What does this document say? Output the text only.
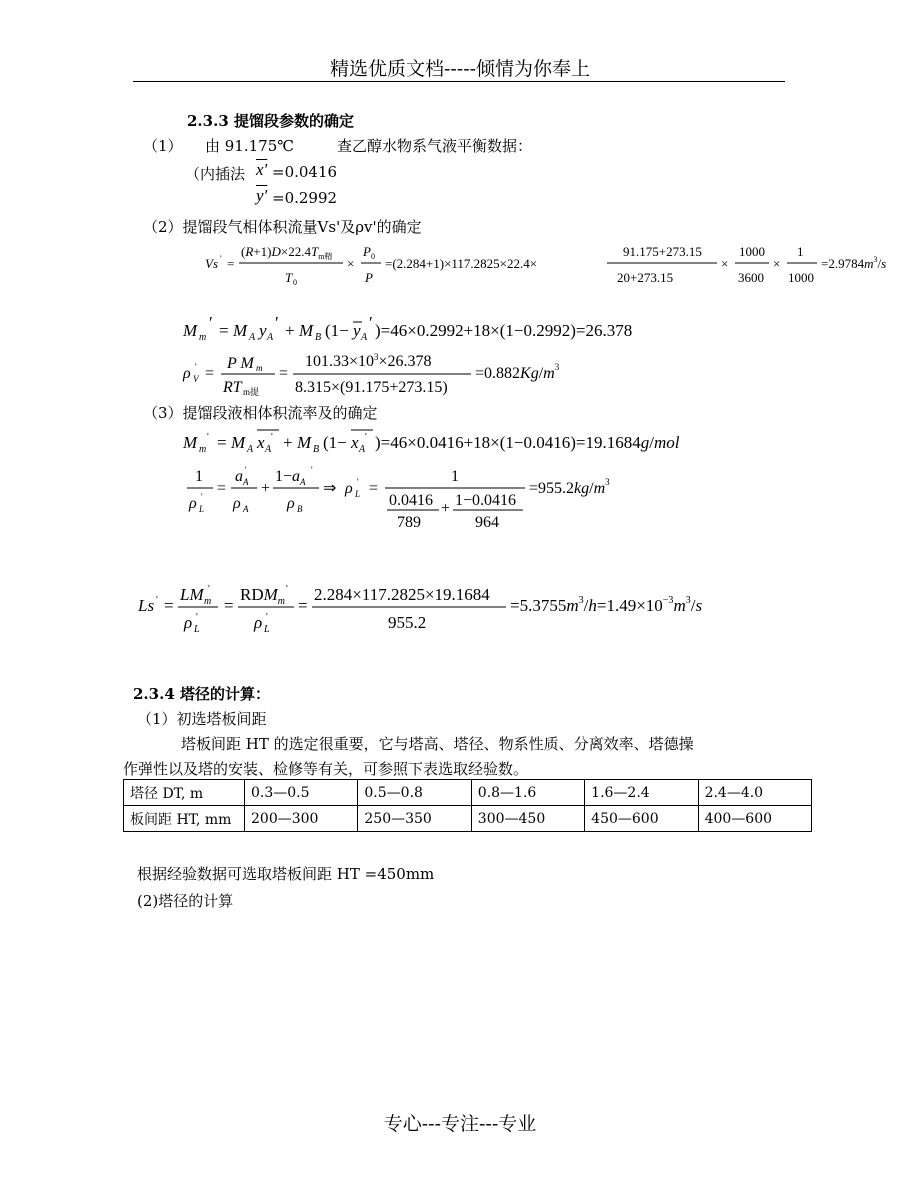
精选优质文档-----倾情为你奉上
2.3.3 提馏段参数的确定
（1） 由 91.175℃	查乙醇水物系气液平衡数据：
（内插法 x' =0.0416
y' =0.2992
（2）提馏段气相体积流量Vs'及ρv'的确定
Vs ' =
$(R+1)D\times 22.4T_{m精}$
T 0
×
P 0
P
=(2.284+1)×117.2825×22.4×
91.175+273.15
20+273.15
×
1000
3600
×
1
1000
$=2.9784m^3/s$
M m
′ = M A y A
′ + M B (1− y A
′ )=46×0.2992+18×(1−0.2992)=26.378
ρ V
' =
P M m
RT m提
=
$101.33\times 10^3\times 26.378$
8.315×(91.175+273.15)
$=0.882Kg/m^3$
（3）提馏段液相体积流率及的确定
M m
' = M A x A
' + M B (1− x A
' )=46×0.0416+18×(1−0.0416)=19.1684g/mol
1
ρ L
' =
a A
'
ρ A
+
$1-a_A$
'
ρ B
⇒ ρ L
' =
1
0.0416
789
+ 1−0.0416
964
$=955.2kg/m^3$
Ls ' =
LM m
'
ρ L
'
=
$RDM_m$
'
ρ L
'
=
2.284×117.2825×19.1684
955.2
$=5.3755m^3/h=1.49\times 10^{-3}m^3/s$
2.3.4 塔径的计算：
（1）初选塔板间距
塔板间距 HT 的选定很重要，它与塔高、塔径、物系性质、分离效率、塔德操
作弹性以及塔的安装、检修等有关，可参照下表选取经验数。
塔径 DT, m	0.3—0.5	0.5—0.8	0.8—1.6	1.6—2.4	2.4—4.0
板间距 HT, mm	200—300	250—350	300—450	450—600	400—600
根据经验数据可选取塔板间距 HT =450mm
(2)塔径的计算
专心---专注---专业
